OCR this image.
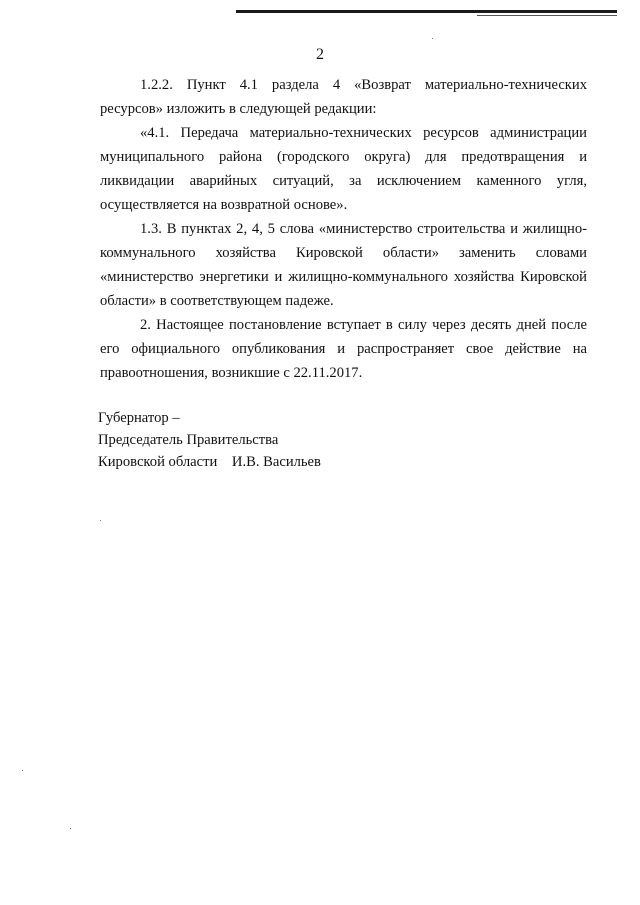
2

1.2.2. Пункт 4.1 раздела 4 «Возврат материально-технических ресурсов» изложить в следующей редакции:

«4.1. Передача материально-технических ресурсов администрации муниципального района (городского округа) для предотвращения и ликвидации аварийных ситуаций, за исключением каменного угля, осуществляется на возвратной основе».

1.3. В пунктах 2, 4, 5 слова «министерство строительства и жилищно-коммунального хозяйства Кировской области» заменить словами «министерство энергетики и жилищно-коммунального хозяйства Кировской области» в соответствующем падеже.

2. Настоящее постановление вступает в силу через десять дней после его официального опубликования и распространяет свое действие на правоотношения, возникшие с 22.11.2017.

Губернатор –
Председатель Правительства
Кировской области И.В. Васильев
